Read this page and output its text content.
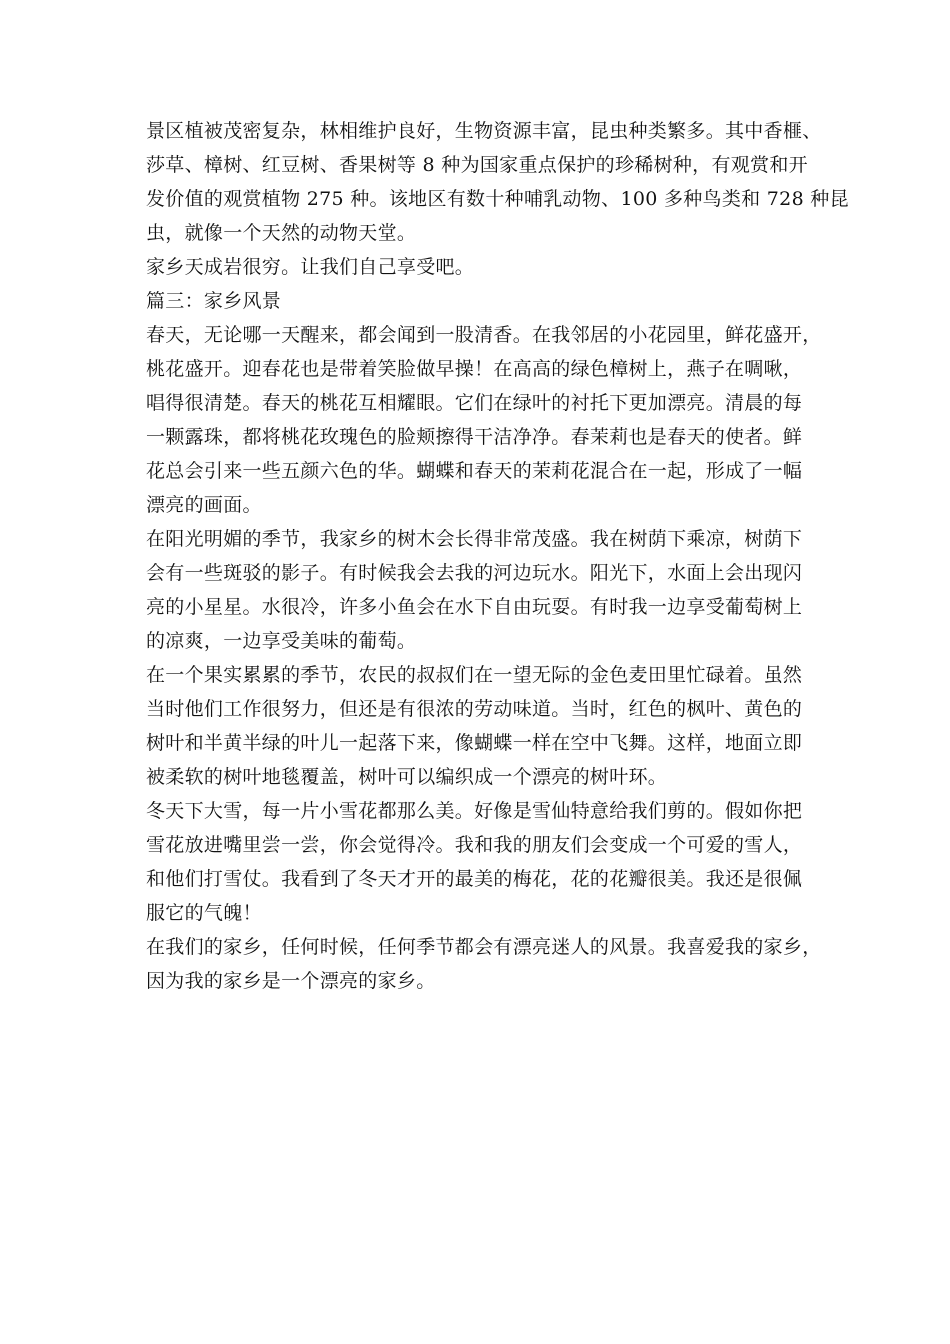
景区植被茂密复杂，林相维护良好，生物资源丰富，昆虫种类繁多。其中香榧、
莎草、樟树、红豆树、香果树等 8 种为国家重点保护的珍稀树种，有观赏和开
发价值的观赏植物 275 种。该地区有数十种哺乳动物、100 多种鸟类和 728 种昆
虫，就像一个天然的动物天堂。
家乡天成岩很穷。让我们自己享受吧。
篇三：家乡风景
春天，无论哪一天醒来，都会闻到一股清香。在我邻居的小花园里，鲜花盛开，
桃花盛开。迎春花也是带着笑脸做早操！在高高的绿色樟树上，燕子在啁啾，
唱得很清楚。春天的桃花互相耀眼。它们在绿叶的衬托下更加漂亮。清晨的每
一颗露珠，都将桃花玫瑰色的脸颊擦得干洁净净。春茉莉也是春天的使者。鲜
花总会引来一些五颜六色的华。蝴蝶和春天的茉莉花混合在一起，形成了一幅
漂亮的画面。
在阳光明媚的季节，我家乡的树木会长得非常茂盛。我在树荫下乘凉，树荫下
会有一些斑驳的影子。有时候我会去我的河边玩水。阳光下，水面上会出现闪
亮的小星星。水很冷，许多小鱼会在水下自由玩耍。有时我一边享受葡萄树上
的凉爽，一边享受美味的葡萄。
在一个果实累累的季节，农民的叔叔们在一望无际的金色麦田里忙碌着。虽然
当时他们工作很努力，但还是有很浓的劳动味道。当时，红色的枫叶、黄色的
树叶和半黄半绿的叶儿一起落下来，像蝴蝶一样在空中飞舞。这样，地面立即
被柔软的树叶地毯覆盖，树叶可以编织成一个漂亮的树叶环。
冬天下大雪，每一片小雪花都那么美。好像是雪仙特意给我们剪的。假如你把
雪花放进嘴里尝一尝，你会觉得冷。我和我的朋友们会变成一个可爱的雪人，
和他们打雪仗。我看到了冬天才开的最美的梅花，花的花瓣很美。我还是很佩
服它的气魄！
在我们的家乡，任何时候，任何季节都会有漂亮迷人的风景。我喜爱我的家乡，
因为我的家乡是一个漂亮的家乡。
